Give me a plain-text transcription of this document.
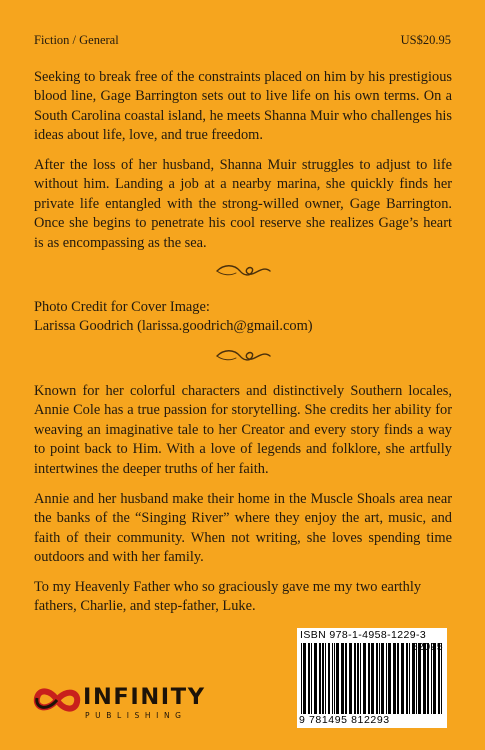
Fiction / General	US$20.95

Seeking to break free of the constraints placed on him by his prestigious blood line, Gage Barrington sets out to live life on his own terms. On a South Carolina coastal island, he meets Shanna Muir who challenges his ideas about life, love, and true freedom.

After the loss of her husband, Shanna Muir struggles to adjust to life without him. Landing a job at a nearby marina, she quickly finds her private life entangled with the strong-willed owner, Gage Barrington. Once she begins to penetrate his cool reserve she realizes Gage’s heart is as encompassing as the sea.

Photo Credit for Cover Image:
Larissa Goodrich (larissa.goodrich@gmail.com)

Known for her colorful characters and distinctively Southern locales, Annie Cole has a true passion for storytelling. She credits her ability for weaving an imaginative tale to her Creator and every story finds a way to point back to Him. With a love of legends and folklore, she artfully intertwines the deeper truths of her faith.

Annie and her husband make their home in the Muscle Shoals area near the banks of the “Singing River” where they enjoy the art, music, and faith of their community. When not writing, she loves spending time outdoors and with her family.

To my Heavenly Father who so graciously gave me my two earthly fathers, Charlie, and step-father, Luke.

ISBN 978-1-4958-1229-3
9 781495 812293
INFINITY
PUBLISHING
